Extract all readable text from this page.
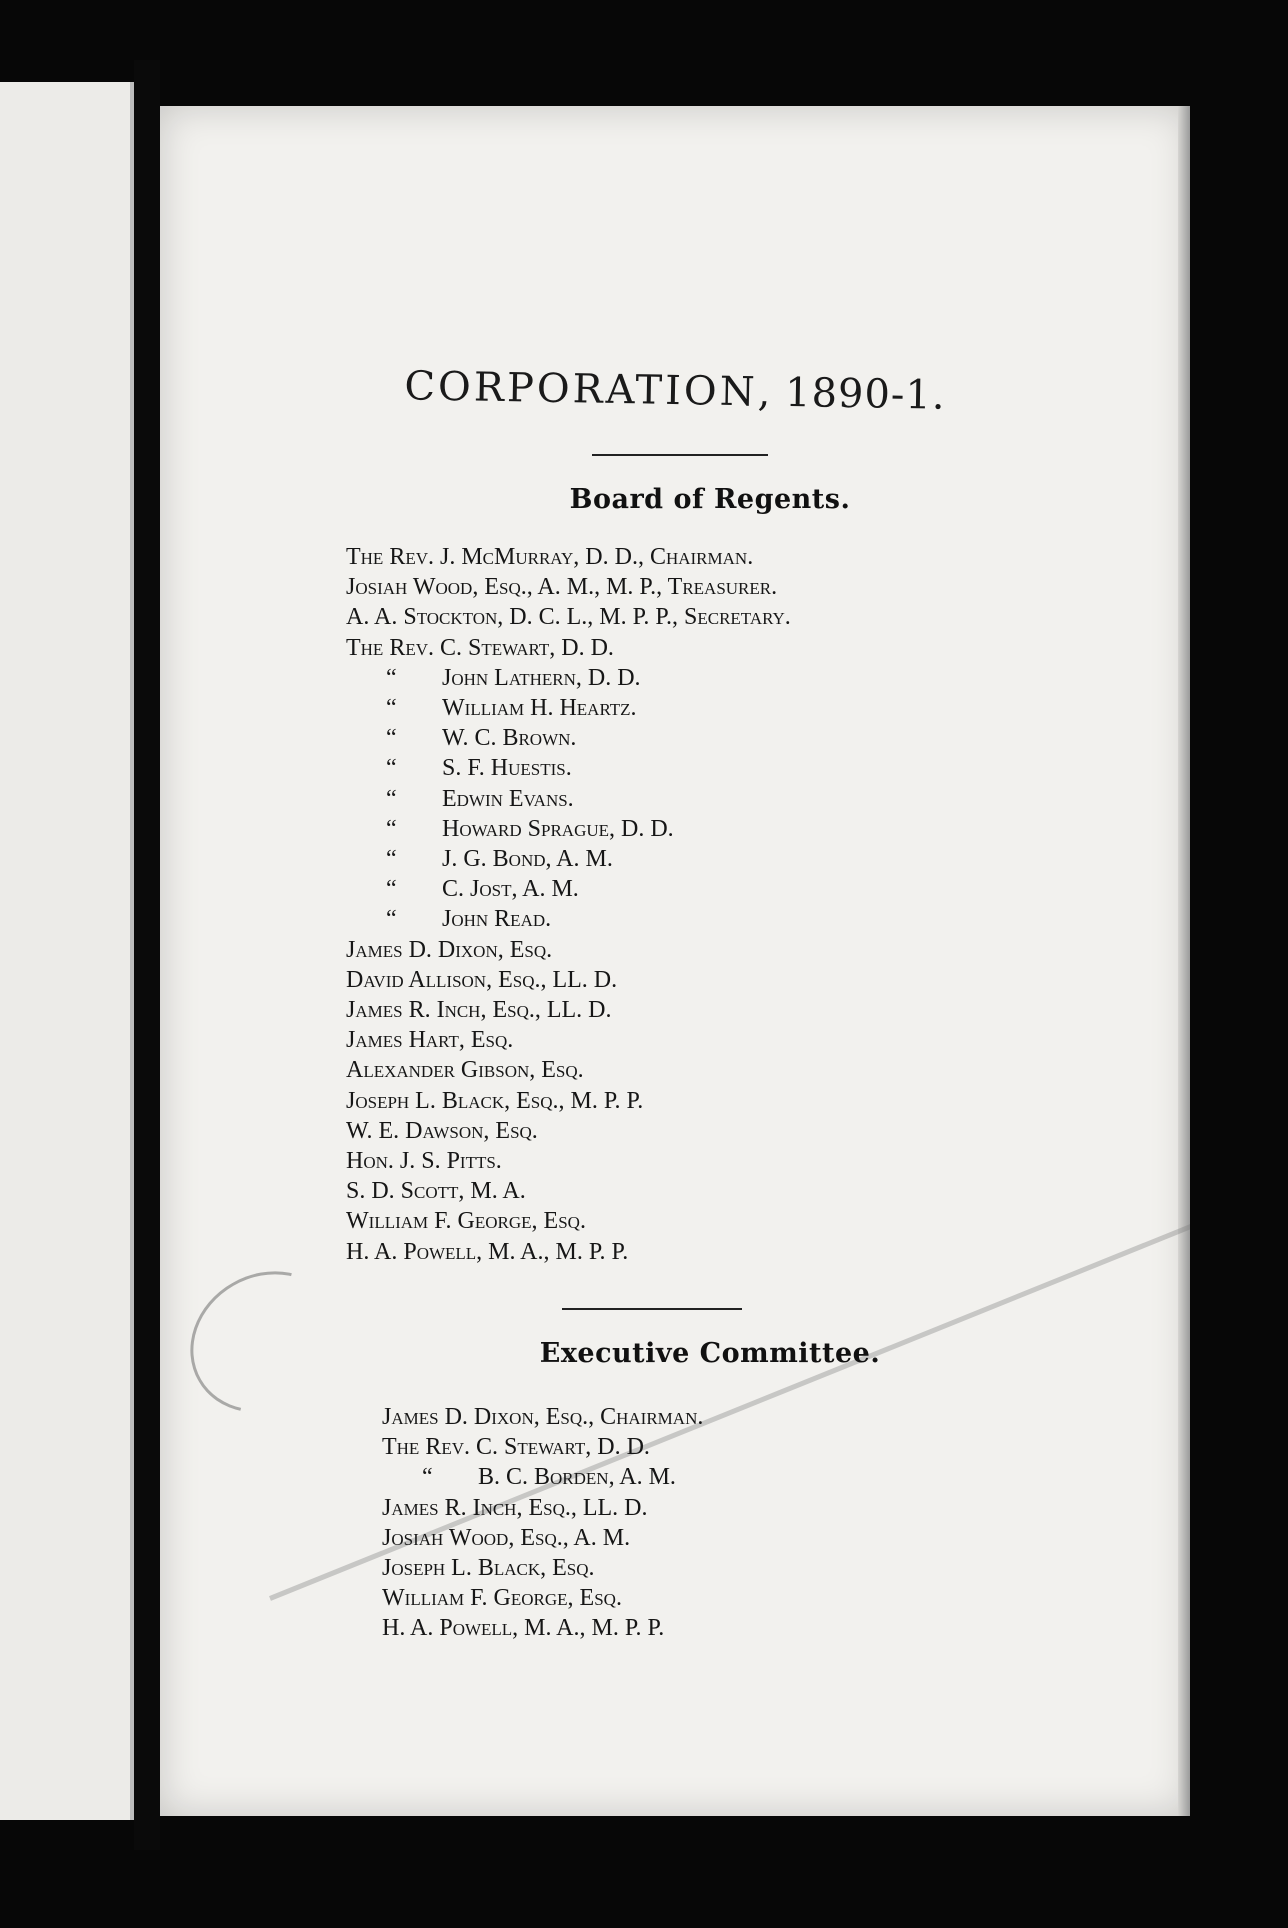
CORPORATION, 1890-1.
Board of Regents.
The Rev. J. McMurray, D. D., Chairman.
Josiah Wood, Esq., A. M., M. P., Treasurer.
A. A. Stockton, D. C. L., M. P. P., Secretary.
The Rev. C. Stewart, D. D.
“ John Lathern, D. D.
“ William H. Heartz.
“ W. C. Brown.
“ S. F. Huestis.
“ Edwin Evans.
“ Howard Sprague, D. D.
“ J. G. Bond, A. M.
“ C. Jost, A. M.
“ John Read.
James D. Dixon, Esq.
David Allison, Esq., LL. D.
James R. Inch, Esq., LL. D.
James Hart, Esq.
Alexander Gibson, Esq.
Joseph L. Black, Esq., M. P. P.
W. E. Dawson, Esq.
Hon. J. S. Pitts.
S. D. Scott, M. A.
William F. George, Esq.
H. A. Powell, M. A., M. P. P.
Executive Committee.
James D. Dixon, Esq., Chairman.
The Rev. C. Stewart, D. D.
“ B. C. Borden, A. M.
James R. Inch, Esq., LL. D.
Josiah Wood, Esq., A. M.
Joseph L. Black, Esq.
William F. George, Esq.
H. A. Powell, M. A., M. P. P.
